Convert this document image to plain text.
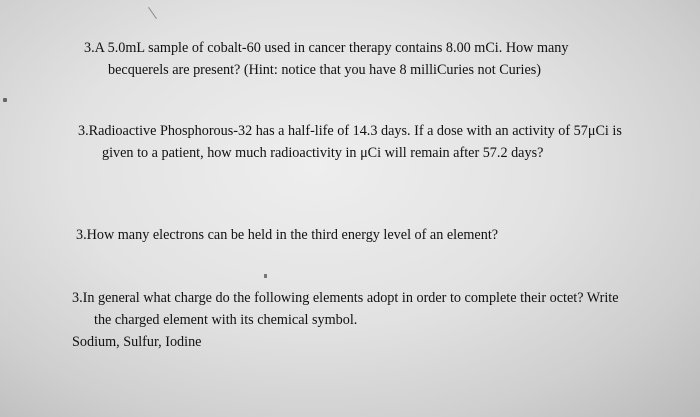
3.A 5.0mL sample of cobalt-60 used in cancer therapy contains 8.00 mCi. How many
becquerels are present? (Hint: notice that you have 8 milliCuries not Curies)
3.Radioactive Phosphorous-32 has a half-life of 14.3 days. If a dose with an activity of 57μCi is
given to a patient, how much radioactivity in μCi will remain after 57.2 days?
3.How many electrons can be held in the third energy level of an element?
3.In general what charge do the following elements adopt in order to complete their octet? Write
the charged element with its chemical symbol.
Sodium, Sulfur, Iodine
